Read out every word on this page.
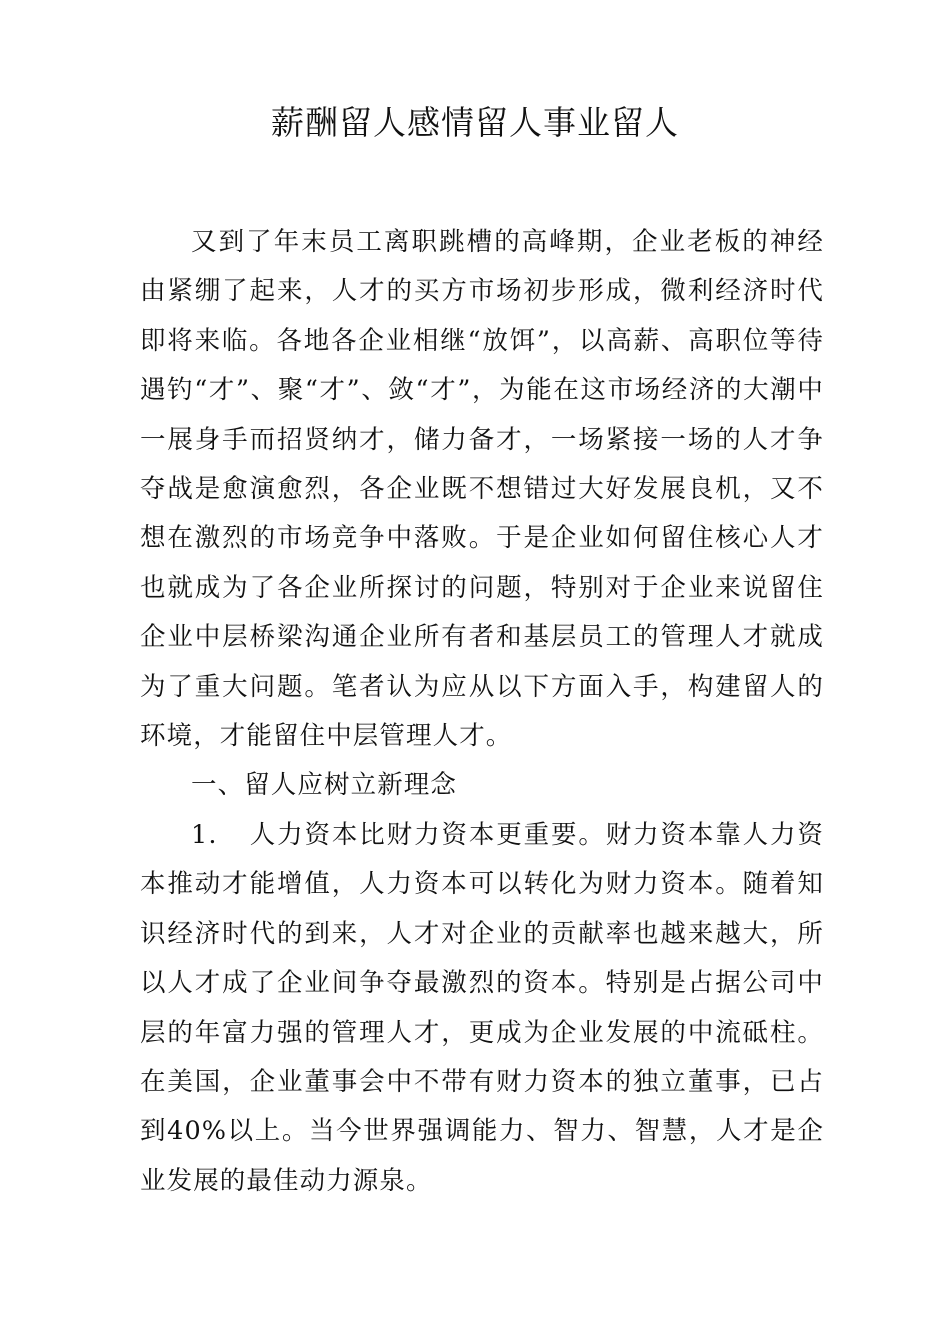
薪酬留人感情留人事业留人

又到了年末员工离职跳槽的高峰期，企业老板的神经由紧绷了起来，人才的买方市场初步形成，微利经济时代即将来临。各地各企业相继“放饵”，以高薪、高职位等待遇钓“才”、聚“才”、敛“才”，为能在这市场经济的大潮中一展身手而招贤纳才，储力备才，一场紧接一场的人才争夺战是愈演愈烈，各企业既不想错过大好发展良机，又不想在激烈的市场竞争中落败。于是企业如何留住核心人才也就成为了各企业所探讨的问题，特别对于企业来说留住企业中层桥梁沟通企业所有者和基层员工的管理人才就成为了重大问题。笔者认为应从以下方面入手，构建留人的环境，才能留住中层管理人才。

一、留人应树立新理念

1. 人力资本比财力资本更重要。财力资本靠人力资本推动才能增值，人力资本可以转化为财力资本。随着知识经济时代的到来，人才对企业的贡献率也越来越大，所以人才成了企业间争夺最激烈的资本。特别是占据公司中层的年富力强的管理人才，更成为企业发展的中流砥柱。在美国，企业董事会中不带有财力资本的独立董事，已占到40%以上。当今世界强调能力、智力、智慧，人才是企业发展的最佳动力源泉。
